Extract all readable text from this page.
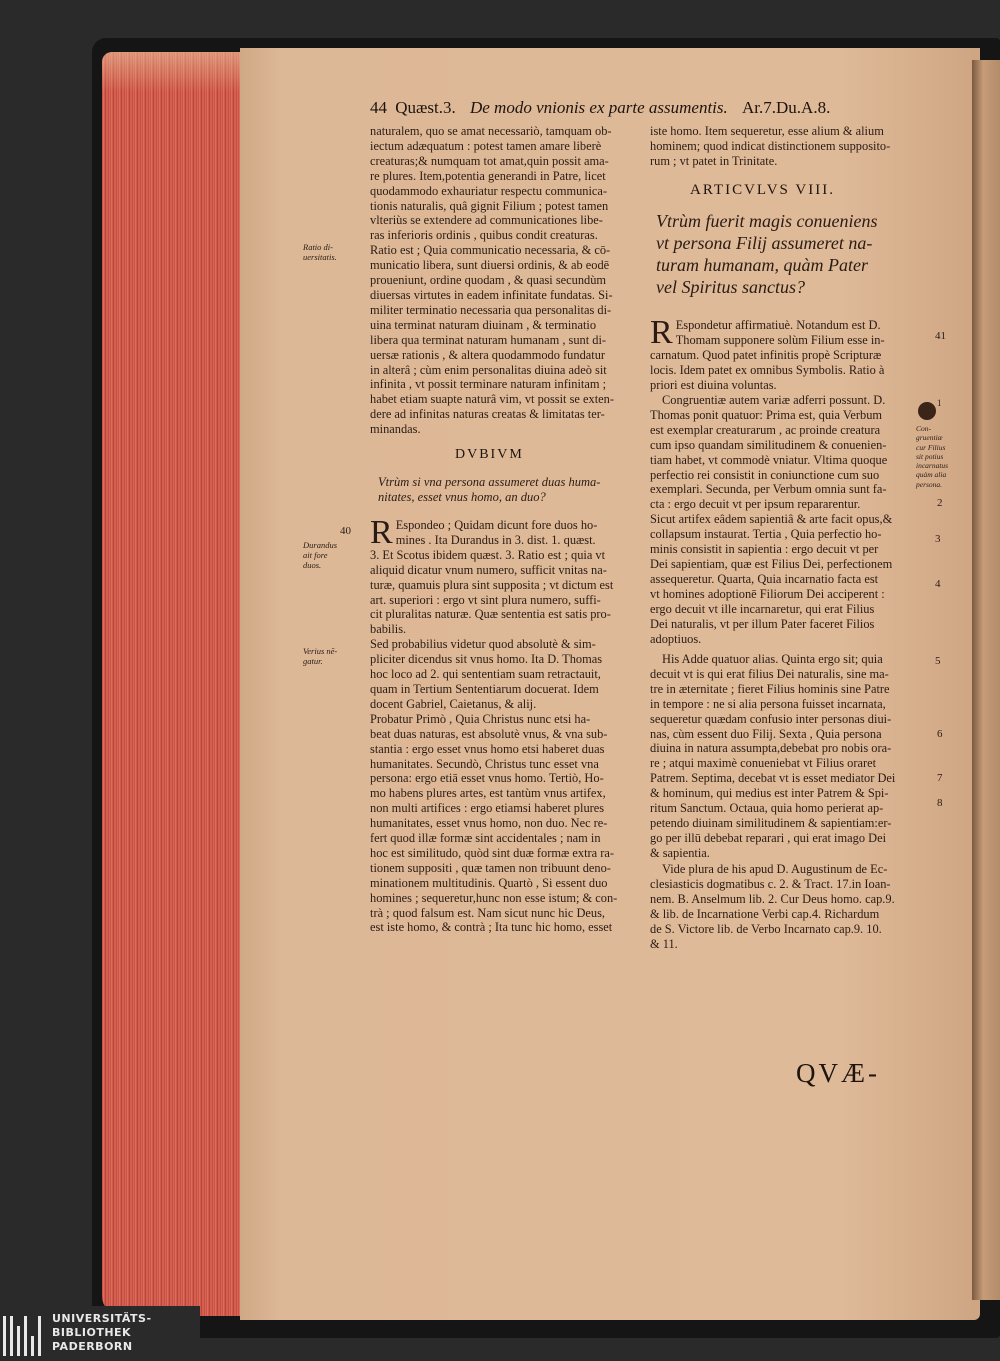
44 Quæst.3. De modo vnionis ex parte assumentis. Ar.7.Du.A.8.

naturalem, quo se amat necessariò, tamquam ob-

iectum adæquatum : potest tamen amare liberè

creaturas;& numquam tot amat,quin possit ama-

re plures. Item,potentia generandi in Patre, licet

quodammodo exhauriatur respectu communica-

tionis naturalis, quâ gignit Filium ; potest tamen

vlteriùs se extendere ad communicationes libe-

ras inferioris ordinis , quibus condit creaturas.

Ratio est ; Quia communicatio necessaria, & cō-

municatio libera, sunt diuersi ordinis, & ab eodē

proueniunt, ordine quodam , & quasi secundùm

diuersas virtutes in eadem infinitate fundatas. Si-

militer terminatio necessaria qua personalitas di-

uina terminat naturam diuinam , & terminatio

libera qua terminat naturam humanam , sunt di-

uersæ rationis , & altera quodammodo fundatur

in alterâ ; cùm enim personalitas diuina adeò sit

infinita , vt possit terminare naturam infinitam ;

habet etiam suapte naturâ vim, vt possit se exten-

dere ad infinitas naturas creatas & limitatas ter-

minandas.

DVBIVM

Vtrùm si vna persona assumeret duas huma-

nitates, esset vnus homo, an duo?

R Espondeo ; Quidam dicunt fore duos ho-

mines . Ita Durandus in 3. dist. 1. quæst.

3. Et Scotus ibidem quæst. 3. Ratio est ; quia vt

aliquid dicatur vnum numero, sufficit vnitas na-

turæ, quamuis plura sint supposita ; vt dictum est

art. superiori : ergo vt sint plura numero, suffi-

cit pluralitas naturæ. Quæ sententia est satis pro-

babilis.

Sed probabilius videtur quod absolutè & sim-

pliciter dicendus sit vnus homo. Ita D. Thomas

hoc loco ad 2. qui sententiam suam retractauit,

quam in Tertium Sententiarum docuerat. Idem

docent Gabriel, Caietanus, & alij.

Probatur Primò , Quia Christus nunc etsi ha-

beat duas naturas, est absolutè vnus, & vna sub-

stantia : ergo esset vnus homo etsi haberet duas

humanitates. Secundò, Christus tunc esset vna

persona: ergo etiā esset vnus homo. Tertiò, Ho-

mo habens plures artes, est tantùm vnus artifex,

non multi artifices : ergo etiamsi haberet plures

humanitates, esset vnus homo, non duo. Nec re-

fert quod illæ formæ sint accidentales ; nam in

hoc est similitudo, quòd sint duæ formæ extra ra-

tionem suppositi , quæ tamen non tribuunt deno-

minationem multitudinis. Quartò , Si essent duo

homines ; sequeretur,hunc non esse istum; & con-

trà ; quod falsum est. Nam sicut nunc hic Deus,

est iste homo, & contrà ; Ita tunc hic homo, esset

Ratio di-

uersitatis.

40

Durandus

ait fore

duos.

Verius nē-

gatur.

iste homo. Item sequeretur, esse alium & alium

hominem; quod indicat distinctionem supposito-

rum ; vt patet in Trinitate.

ARTICVLVS VIII.

Vtrùm fuerit magis conueniens

vt persona Filij assumeret na-

turam humanam, quàm Pater

vel Spiritus sanctus?

R Espondetur affirmatiuè. Notandum est D.

Thomam supponere solùm Filium esse in-

carnatum. Quod patet infinitis propè Scripturæ

locis. Idem patet ex omnibus Symbolis. Ratio à

priori est diuina voluntas.

Congruentiæ autem variæ adferri possunt. D.

Thomas ponit quatuor: Prima est, quia Verbum

est exemplar creaturarum , ac proinde creatura

cum ipso quandam similitudinem & conuenien-

tiam habet, vt commodè vniatur. Vltima quoque

perfectio rei consistit in coniunctione cum suo

exemplari. Secunda, per Verbum omnia sunt fa-

cta : ergo decuit vt per ipsum repararentur.

Sicut artifex eâdem sapientiâ & arte facit opus,&

collapsum instaurat. Tertia , Quia perfectio ho-

minis consistit in sapientia : ergo decuit vt per

Dei sapientiam, quæ est Filius Dei, perfectionem

assequeretur. Quarta, Quia incarnatio facta est

vt homines adoptionē Filiorum Dei acciperent :

ergo decuit vt ille incarnaretur, qui erat Filius

Dei naturalis, vt per illum Pater faceret Filios

adoptiuos.

His Adde quatuor alias. Quinta ergo sit; quia

decuit vt is qui erat filius Dei naturalis, sine ma-

tre in æternitate ; fieret Filius hominis sine Patre

in tempore : ne si alia persona fuisset incarnata,

sequeretur quædam confusio inter personas diui-

nas, cùm essent duo Filij. Sexta , Quia persona

diuina in natura assumpta,debebat pro nobis ora-

re ; atqui maximè conueniebat vt Filius oraret

Patrem. Septima, decebat vt is esset mediator Dei

& hominum, qui medius est inter Patrem & Spi-

ritum Sanctum. Octaua, quia homo perierat ap-

petendo diuinam similitudinem & sapientiam:er-

go per illū debebat reparari , qui erat imago Dei

& sapientia.

Vide plura de his apud D. Augustinum de Ec-

clesiasticis dogmatibus c. 2. & Tract. 17.in Ioan-

nem. B. Anselmum lib. 2. Cur Deus homo. cap.9.

& lib. de Incarnatione Verbi cap.4. Richardum

de S. Victore lib. de Verbo Incarnato cap.9. 10.

& 11.

41
1

Con-

gruentiæ

cur Filius

sit potius

incarnatus

quàm alia

persona.

2
3
4
5
6
7
8
QVÆ-

UNIVERSITÄTS-

BIBLIOTHEK

PADERBORN
